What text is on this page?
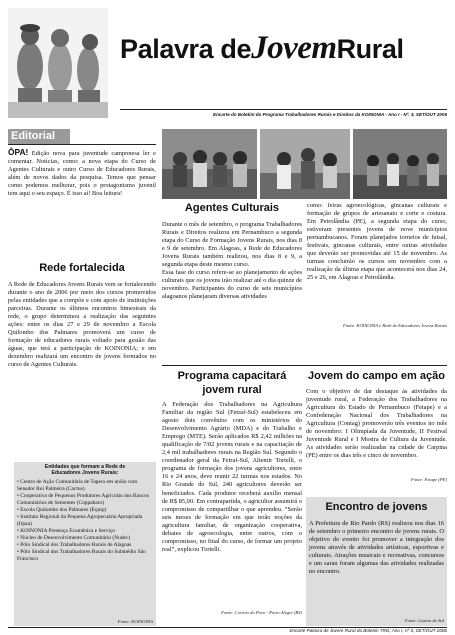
Palavra deJovemRural
Encarte do Boletim do Programa Trabalhadores Rurais e Direitos da KOINONIA - Ano I - Nº. 3, SET/OUT 2006
Editorial

ÔPA! Edição nova para juventude camponesa ler e comentar. Notícias, como: a nova etapa do Curso de Agentes Culturais e outro Curso de Educadores Rurais, além de novos dados da pesquisa. Temos que pensar como podemos melhorar, pois o protagonismo juvenil tem aqui o seu espaço. É isso aí! Boa leitura!

Rede fortalecida

A Rede de Educadores Jovens Rurais vem se fortalecendo durante o ano de 2006 por meio dos cursos promovidos pelas entidades que a compõe e com apoio de instituições parceiras. Durante os últimos encontros bimestrais da rede, o grupo determinou a realização das seguintes ações: entre os dias 27 e 29 de novembro a Escola Quilombo dos Palmares promoverá um curso de formação de educadores rurais voltado para gestão das águas, que terá a participação de KOINONIA; e em dezembro realizará um encontro de jovens formados no curso de Agentes Culturais.

Entidades que formam a Rede de Educadores Jovens Rurais:
• Centro de Ação Comunitária de Tapera em união com Senador Rui Palmeira (Cactus)
• Cooperativa de Pequenos Produtores Agrícolas dos Bancos Comunitários de Sementes (Coppabacs)
• Escola Quilombo dos Palmares (Equip)
• Instituto Regional da Pequena Agropecuária Apropriada (Irpaa)
• KOINONIA Presença Ecumênica e Serviço
• Núcleo de Desenvolvimento Comunitário (Nudec)
• Pólo Sindical dos Trabalhadores Rurais de Alagoas
• Pólo Sindical dos Trabalhadores Rurais do Submédio São Francisco
Fonte: KOINONIA
Agentes Culturais

Durante o mês de setembro, o programa Trabalhadores Rurais e Direitos realizou em Pernambuco a segunda etapa do Curso de Formação Jovens Rurais, nos dias 8 e 9 de setembro. Em Alagoas, a Rede de Educadores Jovens Rurais também realizou, nos dias 8 e 9, a segunda etapa deste mesmo curso.

Essa fase do curso refere-se ao planejamento de ações culturais que os jovens irão realizar até o dia quinze de novembro. Participantes do curso de seis municípios alagoanos planejaram diversas atividades

como: feiras agroecológicas, gincanas culturais e formação de grupos de artesanato e corte e costura. Em Petrolândia (PE), a segunda etapa do curso, estiveram presentes jovens de nove municípios pernambucanos. Foram planejados torneios de futsal, festivais, gincanas culturais, entre outras atividades que deverão ser promovidas até 15 de novembro. As turmas concluirão os cursos em novembro com a realização da última etapa que acontecerá nos dias 24, 25 e 26, em Alagoas e Petrolândia.

Fonte: KOINONIA e Rede de Educadores Jovens Rurais
Programa capacitará
jovem rural

A Federação dos Trabalhadores na Agricultura Familiar da região Sul (Fetraf-Sul) estabeleceu em agosto dois convênios com os ministérios do Desenvolvimento Agrário (MDA) e do Trabalho e Emprego (MTE). Serão aplicados R$ 2,42 milhões na qualificação de 7/02 jovens rurais e na capacitação de 2,4 mil trabalhadores rurais na Região Sul. Segundo o coordenador geral da Fetraf-Sul, Altemir Tortelli, o programa de formação dos jovens agricultores, entre 16 e 24 anos, deve reunir 22 turmas nos estados. No Rio Grande do Sul, 240 agricultores deverão ser beneficiados. Cada produtor receberá auxílio mensal de R$ 85,00. Em contrapartida, o agricultor assumirá o compromisso de compartilhar o que aprendeu. “Serão seis meses de formação em que terão noções da agricultura familiar, de organização cooperativa, debates de agroecologia, entre outros, com o compromisso, no final do curso, de formar um projeto real”, explicou Tortelli.

Fonte: Correio do Povo - Porto Alegre (RS)
Jovem do campo em ação

Com o objetivo de dar destaque às atividades da juventude rural, a Federação dos Trabalhadores na Agricultura do Estado de Pernambuco (Fetape) e a Confederação Nacional dos Trabalhadores na Agricultura (Contag) promoverão três eventos no mês de novembro: I Olimpíada da Juventude, II Festival Juventude Rural e I Mostra de Cultura da Juventude. As atividades serão realizadas na cidade de Carpina (PE) entre os dias três e cinco de novembro.

Fonte: Fetape (PE)
Encontro de jovens

A Prefeitura de Rio Pardo (RS) realizou nos dias 16 de setembro o primeiro encontro de jovens rurais. O objetivo do evento foi promover a integração dos jovens através de atividades artísticas, esportivas e culturais. Atrações musicais e recreativas, concursos e um sarau foram algumas das atividades realizadas no encontro.

Fonte: Gazeta do Sul
Encarte Palavra de Jovem Rural do Boletim TRD, Ano I, nº 3, SET/OUT 2006
